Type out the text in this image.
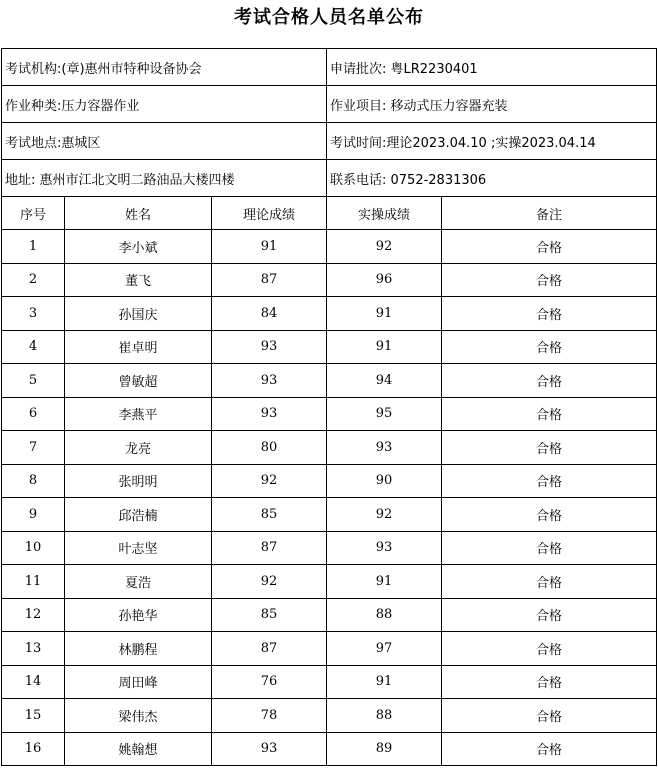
考试合格人员名单公布
考试机构:(章)惠州市特种设备协会			申请批次: 粤LR2230401	
作业种类:压力容器作业			作业项目: 移动式压力容器充装	
考试地点:惠城区			考试时间:理论2023.04.10 ;实操2023.04.14	
地址: 惠州市江北文明二路油品大楼四楼			联系电话: 0752-2831306	
序号	姓名	理论成绩	实操成绩	备注
1	李小斌	91	92	合格
2	董飞	87	96	合格
3	孙国庆	84	91	合格
4	崔卓明	93	91	合格
5	曾敏超	93	94	合格
6	李燕平	93	95	合格
7	龙亮	80	93	合格
8	张明明	92	90	合格
9	邱浩楠	85	92	合格
10	叶志坚	87	93	合格
11	夏浩	92	91	合格
12	孙艳华	85	88	合格
13	林鹏程	87	97	合格
14	周田峰	76	91	合格
15	梁伟杰	78	88	合格
16	姚翰想	93	89	合格
